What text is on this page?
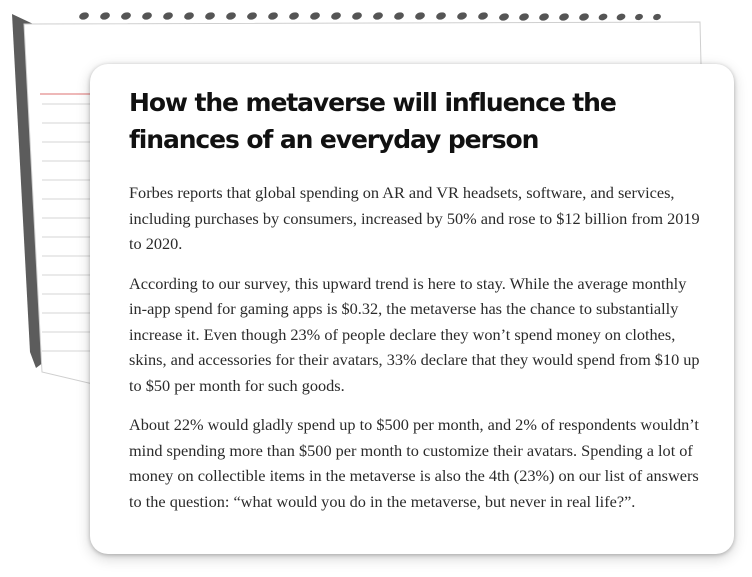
How the metaverse will influence the finances of an everyday person

Forbes reports that global spending on AR and VR headsets, software, and services, including purchases by consumers, increased by 50% and rose to $12 billion from 2019 to 2020.

According to our survey, this upward trend is here to stay. While the average monthly in-app spend for gaming apps is $0.32, the metaverse has the chance to substantially increase it. Even though 23% of people declare they won’t spend money on clothes, skins, and accessories for their avatars, 33% declare that they would spend from $10 up to $50 per month for such goods.

About 22% would gladly spend up to $500 per month, and 2% of respondents wouldn’t mind spending more than $500 per month to customize their avatars. Spending a lot of money on collectible items in the metaverse is also the 4th (23%) on our list of answers to the question: “what would you do in the metaverse, but never in real life?”.
